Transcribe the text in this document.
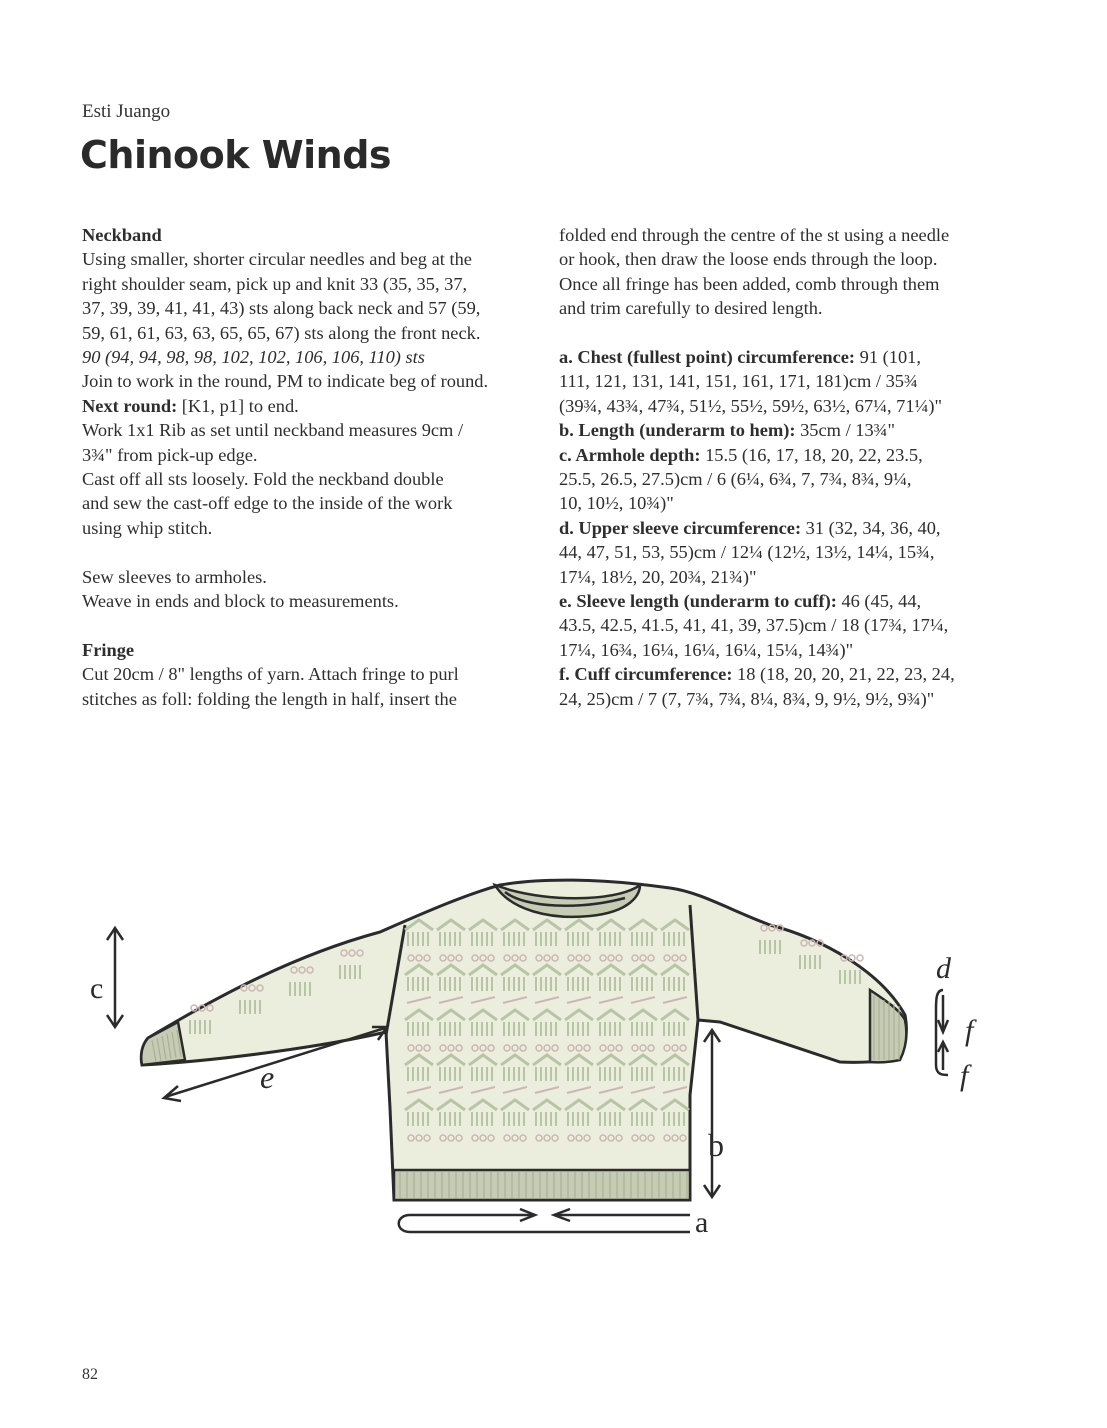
Esti Juango
Chinook Winds
Neckband
Using smaller, shorter circular needles and beg at the
right shoulder seam, pick up and knit 33 (35, 35, 37,
37, 39, 39, 41, 41, 43) sts along back neck and 57 (59,
59, 61, 61, 63, 63, 65, 65, 67) sts along the front neck.
90 (94, 94, 98, 98, 102, 102, 106, 106, 110) sts
Join to work in the round, PM to indicate beg of round.
Next round: [K1, p1] to end.
Work 1x1 Rib as set until neckband measures 9cm /
3¾" from pick-up edge.
Cast off all sts loosely. Fold the neckband double
and sew the cast-off edge to the inside of the work
using whip stitch.
Sew sleeves to armholes.
Weave in ends and block to measurements.
Fringe
Cut 20cm / 8" lengths of yarn. Attach fringe to purl
stitches as foll: folding the length in half, insert the
folded end through the centre of the st using a needle
or hook, then draw the loose ends through the loop.
Once all fringe has been added, comb through them
and trim carefully to desired length.
a. Chest (fullest point) circumference: 91 (101,
111, 121, 131, 141, 151, 161, 171, 181)cm / 35¾
(39¾, 43¾, 47¾, 51½, 55½, 59½, 63½, 67¼, 71¼)"
b. Length (underarm to hem): 35cm / 13¾"
c. Armhole depth: 15.5 (16, 17, 18, 20, 22, 23.5,
25.5, 26.5, 27.5)cm / 6 (6¼, 6¾, 7, 7¾, 8¾, 9¼,
10, 10½, 10¾)"
d. Upper sleeve circumference: 31 (32, 34, 36, 40,
44, 47, 51, 53, 55)cm / 12¼ (12½, 13½, 14¼, 15¾,
17¼, 18½, 20, 20¾, 21¾)"
e. Sleeve length (underarm to cuff): 46 (45, 44,
43.5, 42.5, 41.5, 41, 41, 39, 37.5)cm / 18 (17¾, 17¼,
17¼, 16¾, 16¼, 16¼, 16¼, 15¼, 14¾)"
f. Cuff circumference: 18 (18, 20, 20, 21, 22, 23, 24,
24, 25)cm / 7 (7, 7¾, 7¾, 8¼, 8¾, 9, 9½, 9½, 9¾)"
c
e
b
a
d
f
f
82
